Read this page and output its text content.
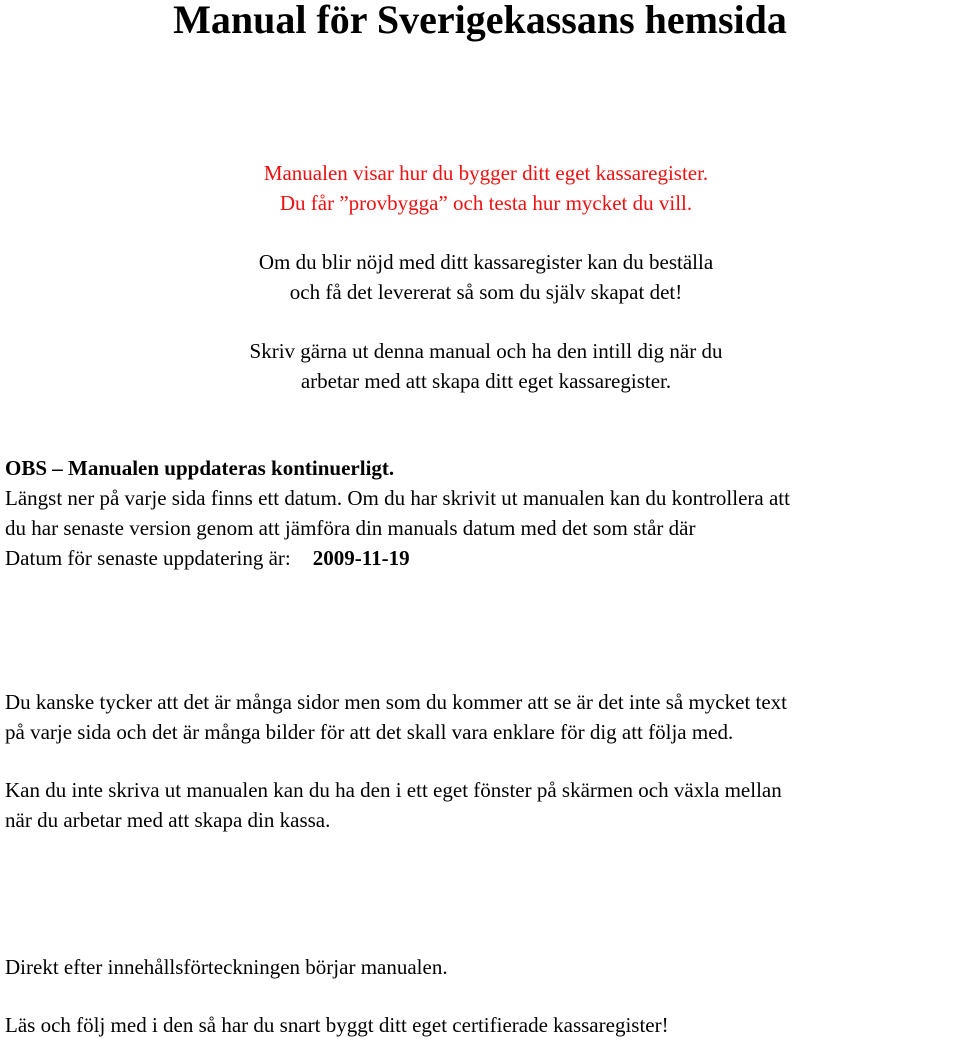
Manual för Sverigekassans hemsida
Manualen visar hur du bygger ditt eget kassaregister.
Du får ”provbygga” och testa hur mycket du vill.
Om du blir nöjd med ditt kassaregister kan du beställa
och få det levererat så som du själv skapat det!
Skriv gärna ut denna manual och ha den intill dig när du
arbetar med att skapa ditt eget kassaregister.
OBS – Manualen uppdateras kontinuerligt.
Längst ner på varje sida finns ett datum. Om du har skrivit ut manualen kan du kontrollera att
du har senaste version genom att jämföra din manuals datum med det som står där
Datum för senaste uppdatering är: 2009-11-19
Du kanske tycker att det är många sidor men som du kommer att se är det inte så mycket text
på varje sida och det är många bilder för att det skall vara enklare för dig att följa med.
Kan du inte skriva ut manualen kan du ha den i ett eget fönster på skärmen och växla mellan
när du arbetar med att skapa din kassa.
Direkt efter innehållsförteckningen börjar manualen.
Läs och följ med i den så har du snart byggt ditt eget certifierade kassaregister!
